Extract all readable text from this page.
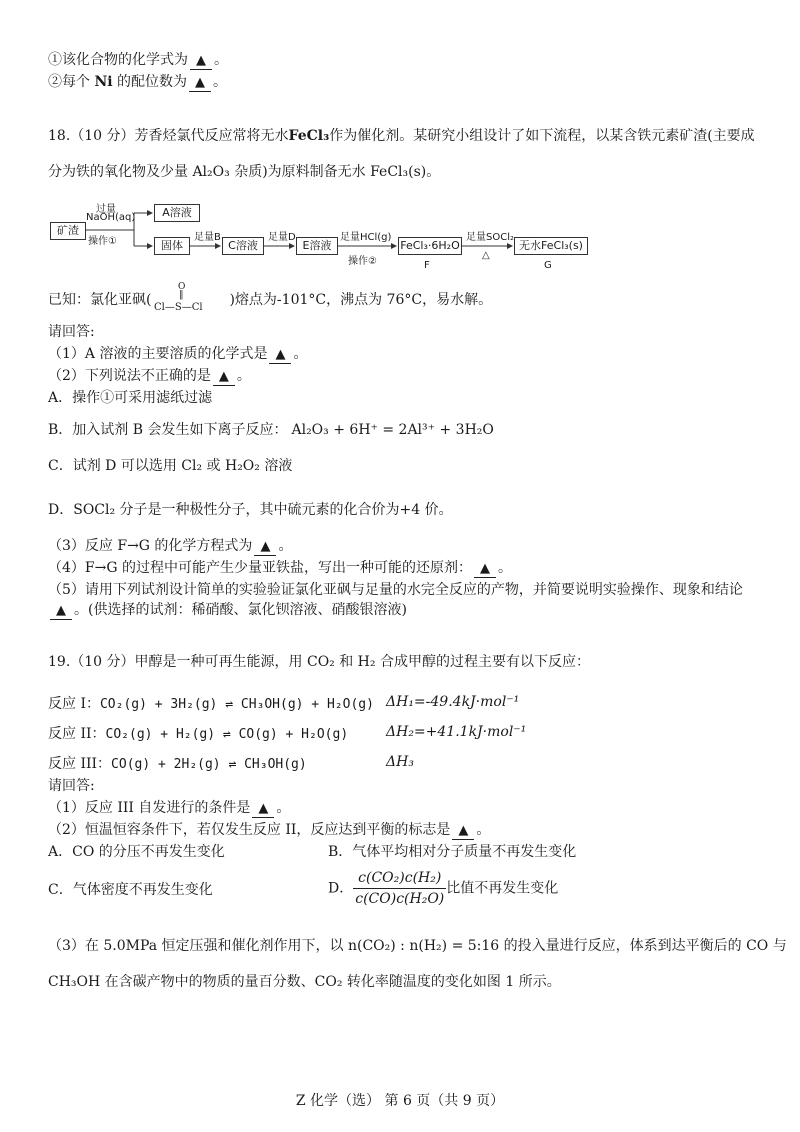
①该化合物的化学式为 ▲ 。
②每个 Ni 的配位数为 ▲ 。
18.（10 分）芳香烃氯代反应常将无水FeCl₃作为催化剂。某研究小组设计了如下流程，以某含铁元素矿渣(主要成
分为铁的氧化物及少量 Al₂O₃ 杂质)为原料制备无水 FeCl₃(s)。
矿渣
过量
NaOH(aq)
操作①
A溶液
固体
足量B
C溶液
足量D
E溶液
足量HCl(g)
操作②
FeCl₃·6H₂O
F
足量SOCl₂
△
无水FeCl₃(s)
G
已知：氯化亚砜(	)熔点为-101°C，沸点为 76°C，易水解。
O
‖
Cl—S—Cl
请回答:
（1）A 溶液的主要溶质的化学式是 ▲ 。
（2）下列说法不正确的是 ▲ 。
A．操作①可采用滤纸过滤
B．加入试剂 B 会发生如下离子反应： Al₂O₃ + 6H⁺ = 2Al³⁺ + 3H₂O
C．试剂 D 可以选用 Cl₂ 或 H₂O₂ 溶液
D．SOCl₂ 分子是一种极性分子，其中硫元素的化合价为+4 价。
（3）反应 F→G 的化学方程式为 ▲ 。
（4）F→G 的过程中可能产生少量亚铁盐，写出一种可能的还原剂： ▲ 。
（5）请用下列试剂设计简单的实验验证氯化亚砜与足量的水完全反应的产物，并简要说明实验操作、现象和结论
▲ 。(供选择的试剂：稀硝酸、氯化钡溶液、硝酸银溶液)
19.（10 分）甲醇是一种可再生能源，用 CO₂ 和 H₂ 合成甲醇的过程主要有以下反应：
反应 I：CO₂(g) + 3H₂(g) ⇌ CH₃OH(g) + H₂O(g) ΔH₁=-49.4kJ·mol⁻¹
反应 II：CO₂(g) + H₂(g) ⇌ CO(g) + H₂O(g)	ΔH₂=+41.1kJ·mol⁻¹
反应 III：CO(g) + 2H₂(g) ⇌ CH₃OH(g)	ΔH₃
请回答:
（1）反应 III 自发进行的条件是 ▲ 。
（2）恒温恒容条件下，若仅发生反应 II，反应达到平衡的标志是 ▲ 。
A．CO 的分压不再发生变化	B．气体平均相对分子质量不再发生变化
C．气体密度不再发生变化	D． $\frac{\text{c(CO₂)c(H₂)}}{\text{c(CO)c(H₂O)}}$ 比值不再发生变化
（3）在 5.0MPa 恒定压强和催化剂作用下，以 n(CO₂) : n(H₂) = 5:16 的投入量进行反应，体系到达平衡后的 CO 与
CH₃OH 在含碳产物中的物质的量百分数、CO₂ 转化率随温度的变化如图 1 所示。
Z 化学（选） 第 6 页（共 9 页）
